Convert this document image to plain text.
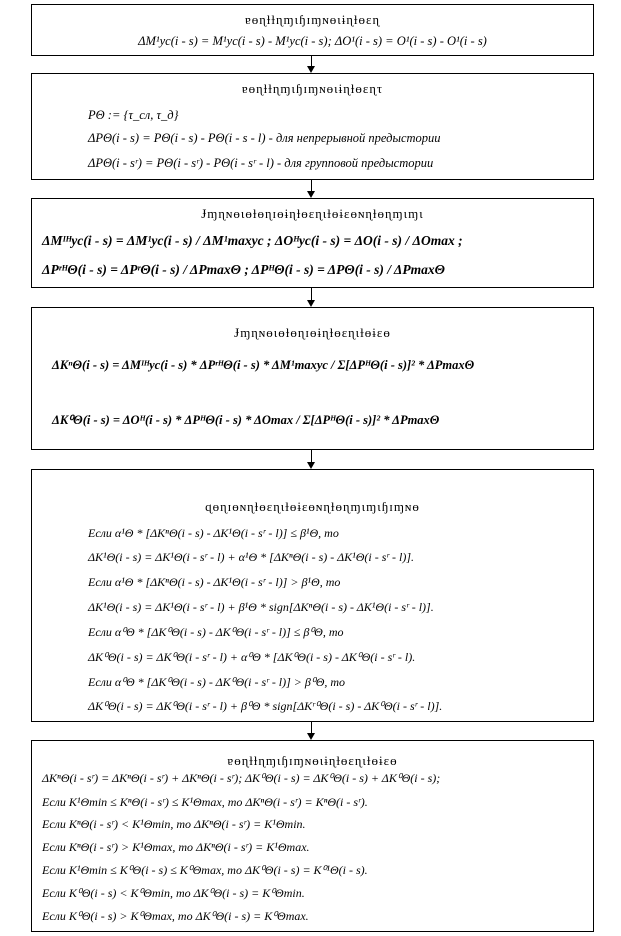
ɐɵɳɫɫɳɱɩɧɪɱɴɵɩɨɳɫɵɛɳ
ΔM¹ус(i - s) = M¹ус(i - s) - M¹ус(i - s); ΔO¹(i - s) = O¹(i - s) - O¹(i - s)
ɐɵɳɫɫɳɱɩɧɪɱɴɵɩɨɳɫɵɛɳτ
PΘ := {τ_сл, τ_д}
ΔPΘ(i - s) = PΘ(i - s) - PΘ(i - s - l) - для непрерывной предыстории
ΔPΘ(i - sʳ) = PΘ(i - sʳ) - PΘ(i - sʳ - l) - для групповой предыстории
Ɉɱɳɴɵɩɵɫɵɳɪɵɨɳɫɵɛɳɩɫɵɨɛɵɴɳɫɵɳɱɩɱɩ
ΔMᴵᴴус(i - s) = ΔM¹ус(i - s) / ΔM¹maxус ; ΔOᴴус(i - s) = ΔO(i - s) / ΔOmax ;
ΔPʳᴴΘ(i - s) = ΔPʳΘ(i - s) / ΔPmaxΘ ; ΔPᴴΘ(i - s) = ΔPΘ(i - s) / ΔPmaxΘ
Ɉɱɳɴɵɩɵɫɵɳɪɵɨɳɫɵɛɳɩɫɵɨɛɵ
ΔKⁿΘ(i - s) = ΔMᴵᴴус(i - s) * ΔPʳᴴΘ(i - s) * ΔM¹maxус / Σ[ΔPᴴΘ(i - s)]² * ΔPmaxΘ
ΔK⁰Θ(i - s) = ΔOᴴ(i - s) * ΔPᴴΘ(i - s) * ΔOmax / Σ[ΔPᴴΘ(i - s)]² * ΔPmaxΘ
ɋɵɳɪɵɴɳɫɵɛɳɩɫɵɨɛɵɴɳɫɵɳɱɩɱɩɧɪɱɴɵ
Если α¹Θ * [ΔKⁿΘ(i - s) - ΔK¹Θ(i - sʳ - l)] ≤ β¹Θ, то
ΔK¹Θ(i - s) = ΔK¹Θ(i - sʳ - l) + α¹Θ * [ΔKⁿΘ(i - s) - ΔK¹Θ(i - sʳ - l)].
Если α¹Θ * [ΔKⁿΘ(i - s) - ΔK¹Θ(i - sʳ - l)] > β¹Θ, то
ΔK¹Θ(i - s) = ΔK¹Θ(i - sʳ - l) + β¹Θ * sign[ΔKⁿΘ(i - s) - ΔK¹Θ(i - sʳ - l)].
Если α⁰Θ * [ΔK⁰Θ(i - s) - ΔK⁰Θ(i - sʳ - l)] ≤ β⁰Θ, то
ΔK⁰Θ(i - s) = ΔK⁰Θ(i - sʳ - l) + α⁰Θ * [ΔK⁰Θ(i - s) - ΔK⁰Θ(i - sʳ - l).
Если α⁰Θ * [ΔK⁰Θ(i - s) - ΔK⁰Θ(i - sʳ - l)] > β⁰Θ, то
ΔK⁰Θ(i - s) = ΔK⁰Θ(i - sʳ - l) + β⁰Θ * sign[ΔKʳ⁰Θ(i - s) - ΔK⁰Θ(i - sʳ - l)].
ɐɵɳɫɫɳɱɩɧɪɱɴɵɩɨɳɫɵɛɳɩɫɵɨɛɵ
ΔKⁿΘ(i - sʳ) = ΔKⁿΘ(i - sʳ) + ΔKⁿΘ(i - sʳ); ΔK⁰Θ(i - s) = ΔK⁰Θ(i - s) + ΔK⁰Θ(i - s);
Если K¹Θmin ≤ KⁿΘ(i - sʳ) ≤ K¹Θmax, то ΔKⁿΘ(i - sʳ) = KⁿΘ(i - sʳ).
Если KⁿΘ(i - sʳ) < K¹Θmin, то ΔKⁿΘ(i - sʳ) = K¹Θmin.
Если KⁿΘ(i - sʳ) > K¹Θmax, то ΔKⁿΘ(i - sʳ) = K¹Θmax.
Если K¹Θmin ≤ K⁰Θ(i - s) ≤ K⁰Θmax, то ΔK⁰Θ(i - s) = K⁰¹Θ(i - s).
Если K⁰Θ(i - s) < K⁰Θmin, то ΔK⁰Θ(i - s) = K⁰Θmin.
Если K⁰Θ(i - s) > K⁰Θmax, то ΔK⁰Θ(i - s) = K⁰Θmax.
